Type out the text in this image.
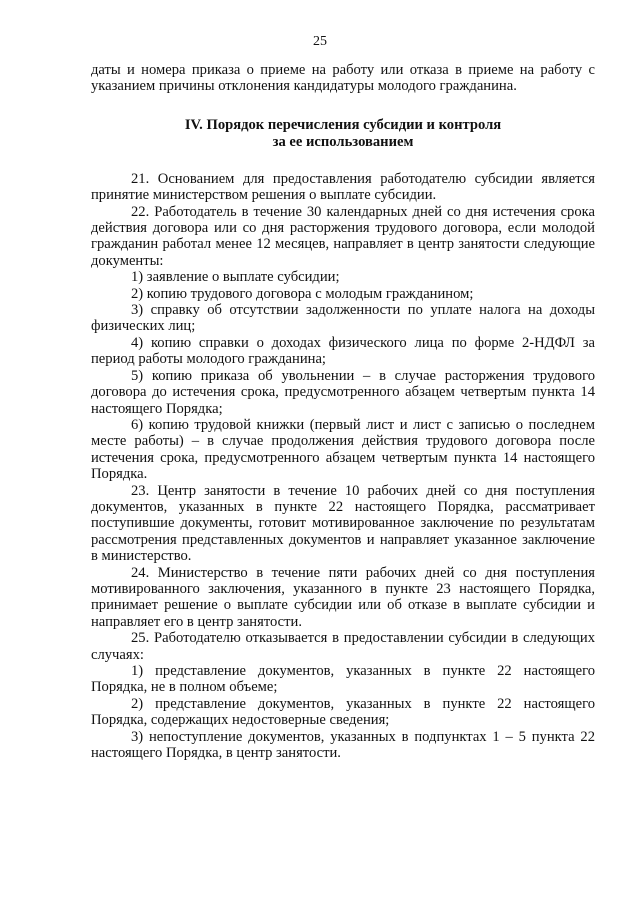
25

даты и номера приказа о приеме на работу или отказа в приеме на работу с указанием причины отклонения кандидатуры молодого гражданина.

IV. Порядок перечисления субсидии и контроля
за ее использованием

21. Основанием для предоставления работодателю субсидии является принятие министерством решения о выплате субсидии.

22. Работодатель в течение 30 календарных дней со дня истечения срока действия договора или со дня расторжения трудового договора, если молодой гражданин работал менее 12 месяцев, направляет в центр занятости следующие документы:

1) заявление о выплате субсидии;

2) копию трудового договора с молодым гражданином;

3) справку об отсутствии задолженности по уплате налога на доходы физических лиц;

4) копию справки о доходах физического лица по форме 2-НДФЛ за период работы молодого гражданина;

5) копию приказа об увольнении – в случае расторжения трудового договора до истечения срока, предусмотренного абзацем четвертым пункта 14 настоящего Порядка;

6) копию трудовой книжки (первый лист и лист с записью о последнем месте работы) – в случае продолжения действия трудового договора после истечения срока, предусмотренного абзацем четвертым пункта 14 настоящего Порядка.

23. Центр занятости в течение 10 рабочих дней со дня поступления документов, указанных в пункте 22 настоящего Порядка, рассматривает поступившие документы, готовит мотивированное заключение по результатам рассмотрения представленных документов и направляет указанное заключение в министерство.

24. Министерство в течение пяти рабочих дней со дня поступления мотивированного заключения, указанного в пункте 23 настоящего Порядка, принимает решение о выплате субсидии или об отказе в выплате субсидии и направляет его в центр занятости.

25. Работодателю отказывается в предоставлении субсидии в следующих случаях:

1) представление документов, указанных в пункте 22 настоящего Порядка, не в полном объеме;

2) представление документов, указанных в пункте 22 настоящего Порядка, содержащих недостоверные сведения;

3) непоступление документов, указанных в подпунктах 1 – 5 пункта 22 настоящего Порядка, в центр занятости.
